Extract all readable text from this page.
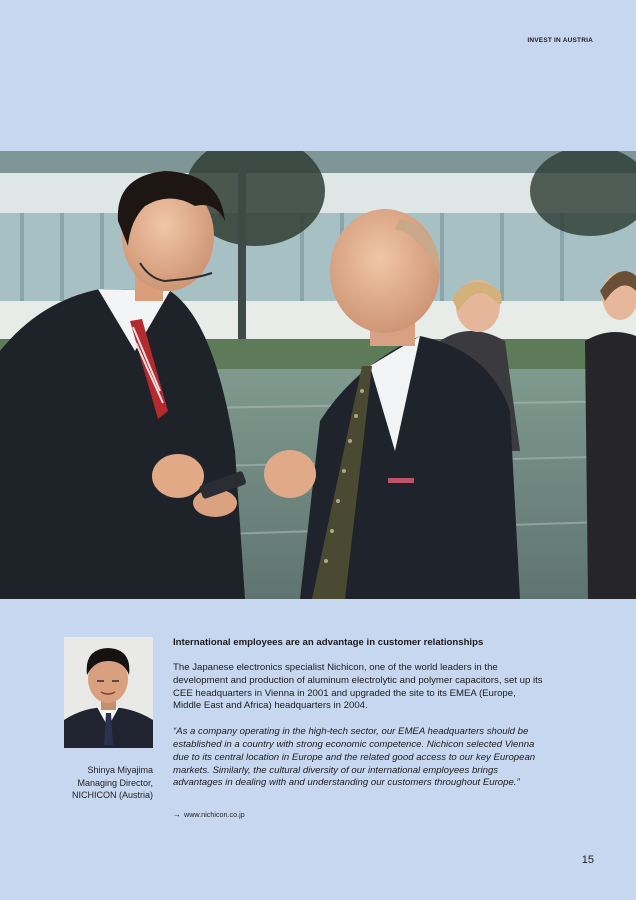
INVEST IN AUSTRIA
Shinya Miyajima
Managing Director,
NICHICON (Austria)
International employees are an advantage in customer relationships

The Japanese electronics specialist Nichicon, one of the world leaders in the development and production of aluminum electrolytic and polymer capacitors, set up its CEE headquarters in Vienna in 2001 and upgraded the site to its EMEA (Europe, Middle East and Africa) headquarters in 2004.

“As a company operating in the high-tech sector, our EMEA headquarters should be established in a country with strong economic competence. Nichicon selected Vienna due to its central location in Europe and the related good access to our key European markets. Similarly, the cultural diversity of our international employees brings advantages in dealing with and understanding our customers throughout Europe.”

→ www.nichicon.co.jp
15
